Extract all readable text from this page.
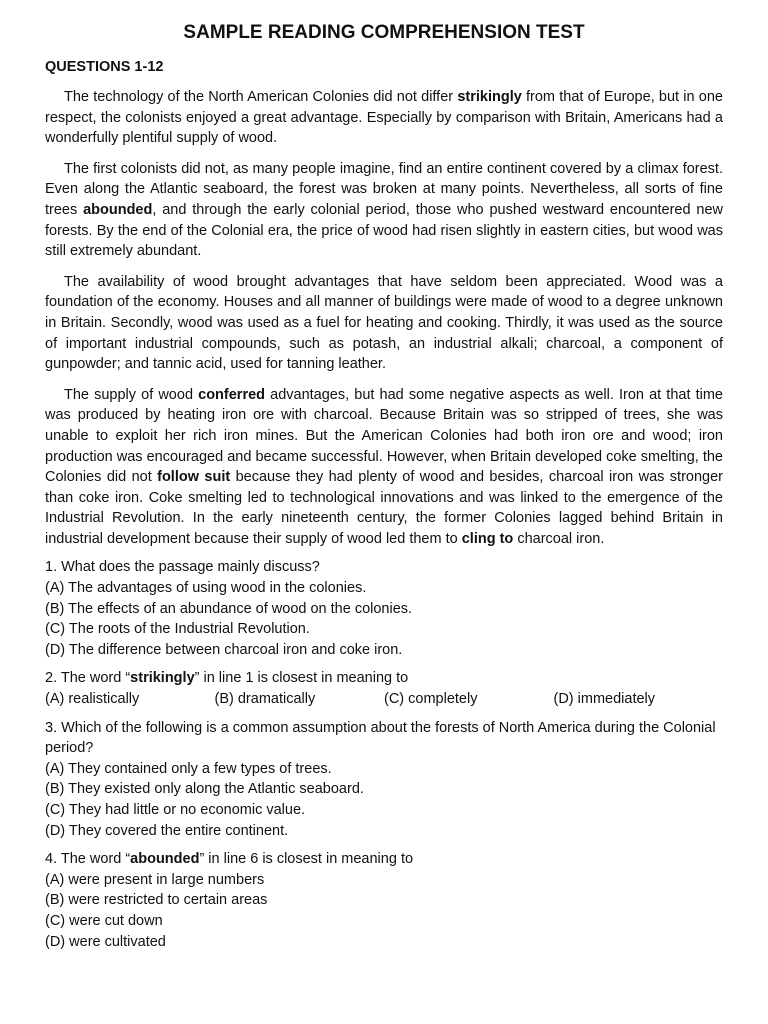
SAMPLE READING COMPREHENSION TEST
QUESTIONS 1-12

The technology of the North American Colonies did not differ strikingly from that of Europe, but in one respect, the colonists enjoyed a great advantage. Especially by comparison with Britain, Americans had a wonderfully plentiful supply of wood.

The first colonists did not, as many people imagine, find an entire continent covered by a climax forest. Even along the Atlantic seaboard, the forest was broken at many points. Nevertheless, all sorts of fine trees abounded, and through the early colonial period, those who pushed westward encountered new forests. By the end of the Colonial era, the price of wood had risen slightly in eastern cities, but wood was still extremely abundant.

The availability of wood brought advantages that have seldom been appreciated. Wood was a foundation of the economy. Houses and all manner of buildings were made of wood to a degree unknown in Britain. Secondly, wood was used as a fuel for heating and cooking. Thirdly, it was used as the source of important industrial compounds, such as potash, an industrial alkali; charcoal, a component of gunpowder; and tannic acid, used for tanning leather.

The supply of wood conferred advantages, but had some negative aspects as well. Iron at that time was produced by heating iron ore with charcoal. Because Britain was so stripped of trees, she was unable to exploit her rich iron mines. But the American Colonies had both iron ore and wood; iron production was encouraged and became successful. However, when Britain developed coke smelting, the Colonies did not follow suit because they had plenty of wood and besides, charcoal iron was stronger than coke iron. Coke smelting led to technological innovations and was linked to the emergence of the Industrial Revolution. In the early nineteenth century, the former Colonies lagged behind Britain in industrial development because their supply of wood led them to cling to charcoal iron.

1. What does the passage mainly discuss?
(A) The advantages of using wood in the colonies.
(B) The effects of an abundance of wood on the colonies.
(C) The roots of the Industrial Revolution.
(D) The difference between charcoal iron and coke iron.
2. The word “strikingly” in line 1 is closest in meaning to
(A) realistically	(B) dramatically	(C) completely	(D) immediately
3. Which of the following is a common assumption about the forests of North America during the Colonial period?
(A) They contained only a few types of trees.
(B) They existed only along the Atlantic seaboard.
(C) They had little or no economic value.
(D) They covered the entire continent.
4. The word “abounded” in line 6 is closest in meaning to
(A) were present in large numbers
(B) were restricted to certain areas
(C) were cut down
(D) were cultivated
